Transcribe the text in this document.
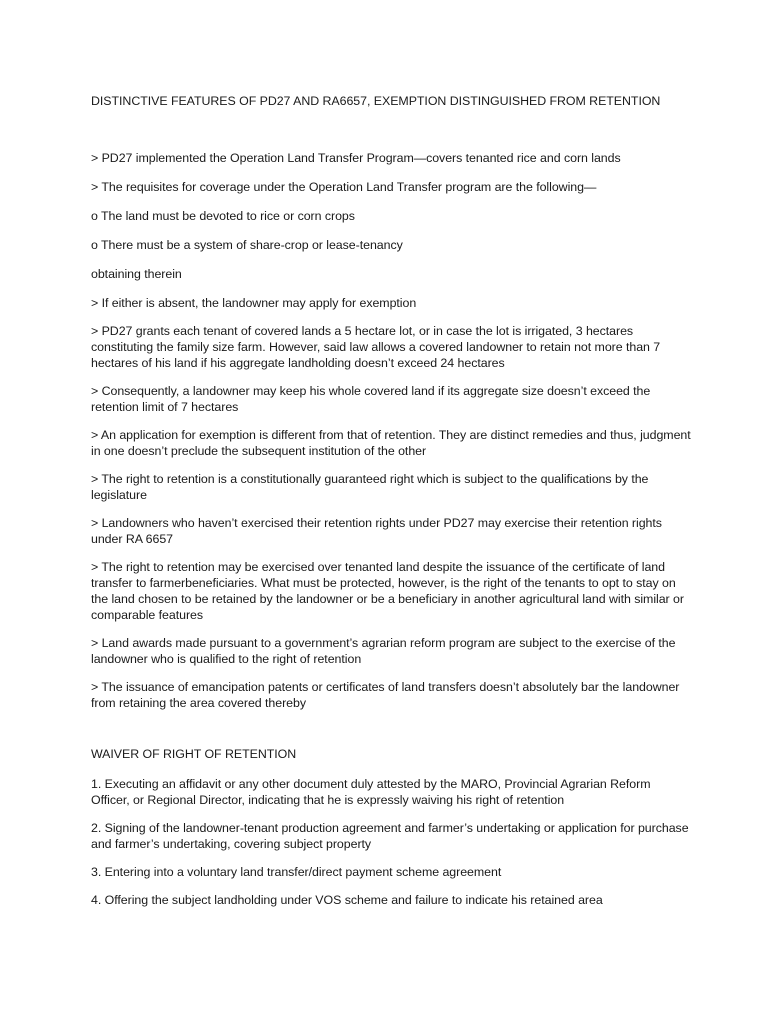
DISTINCTIVE FEATURES OF PD27 AND RA6657, EXEMPTION DISTINGUISHED FROM RETENTION

> PD27 implemented the Operation Land Transfer Program—covers tenanted rice and corn lands

> The requisites for coverage under the Operation Land Transfer program are the following—

o The land must be devoted to rice or corn crops

o There must be a system of share-crop or lease-tenancy

obtaining therein

> If either is absent, the landowner may apply for exemption

> PD27 grants each tenant of covered lands a 5 hectare lot, or in case the lot is irrigated, 3 hectares constituting the family size farm. However, said law allows a covered landowner to retain not more than 7 hectares of his land if his aggregate landholding doesn’t exceed 24 hectares

> Consequently, a landowner may keep his whole covered land if its aggregate size doesn’t exceed the retention limit of 7 hectares

> An application for exemption is different from that of retention. They are distinct remedies and thus, judgment in one doesn’t preclude the subsequent institution of the other

> The right to retention is a constitutionally guaranteed right which is subject to the qualifications by the legislature

> Landowners who haven’t exercised their retention rights under PD27 may exercise their retention rights under RA 6657

> The right to retention may be exercised over tenanted land despite the issuance of the certificate of land transfer to farmerbeneficiaries. What must be protected, however, is the right of the tenants to opt to stay on the land chosen to be retained by the landowner or be a beneficiary in another agricultural land with similar or comparable features

> Land awards made pursuant to a government’s agrarian reform program are subject to the exercise of the landowner who is qualified to the right of retention

> The issuance of emancipation patents or certificates of land transfers doesn’t absolutely bar the landowner from retaining the area covered thereby

WAIVER OF RIGHT OF RETENTION

1. Executing an affidavit or any other document duly attested by the MARO, Provincial Agrarian Reform Officer, or Regional Director, indicating that he is expressly waiving his right of retention

2. Signing of the landowner-tenant production agreement and farmer’s undertaking or application for purchase and farmer’s undertaking, covering subject property

3. Entering into a voluntary land transfer/direct payment scheme agreement

4. Offering the subject landholding under VOS scheme and failure to indicate his retained area
